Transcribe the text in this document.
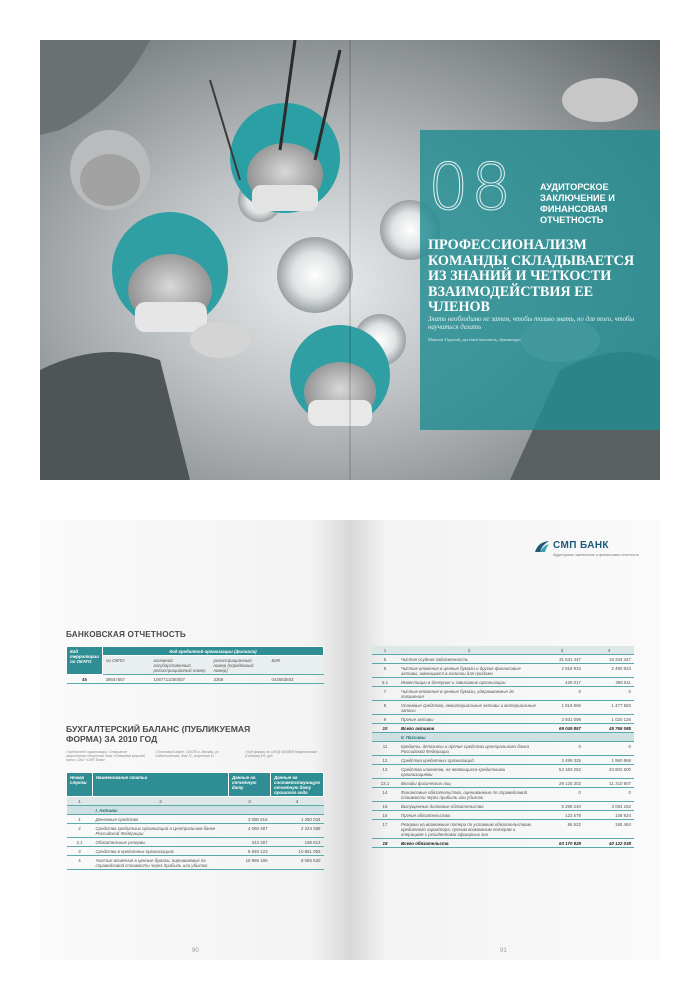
08	АУДИТОРСКОЕ ЗАКЛЮЧЕНИЕ И ФИНАНСОВАЯ ОТЧЕТНОСТЬ
ПРОФЕССИОНАЛИЗМ КОМАНДЫ СКЛАДЫВАЕТСЯ ИЗ ЗНАНИЙ И ЧЕТКОСТИ ВЗАИМОДЕЙСТВИЯ ЕЕ ЧЛЕНОВ
Знать необходимо не затем, чтобы только знать, но для того, чтобы научиться делать
Максим Горький, русский писатель, драматург
БАНКОВСКАЯ ОТЧЕТНОСТЬ
Код территории по ОКАТО	Код кредитной организации (филиала)			
	по ОКПО	основной государственный регистрационный номер	регистрационный номер (порядковый номер)	БИК
45	38657657	1097711000007	3368	044583503
БУХГАЛТЕРСКИЙ БАЛАНС (ПУБЛИКУЕМАЯ ФОРМА) ЗА 2010 ГОД
• Кредитной организации: Открытое акционерное общество банк «Северный морской путь» ОАО «СМП Банк»
• Почтовый адрес: 115035 г. Москва, ул. Садовническая, дом 71, строение 11
• Код формы по ОКУД 0409806 Квартальная (Годовая) Ед. руб.
Номер строки	Наименование статьи	Данные на отчетную дату	Данные на соответствующую отчетную дату прошлого года
1	2	3	4
	I. Активы		
1	Денежные средства	3 080 616	1 280 034
2	Средства кредитных организаций в Центральном банке Российской Федерации	4 050 487	2 224 399
2.1	Обязательные резервы	343 287	198 813
3	Средства в кредитных организациях	6 849 123	10 851 053
4	Чистые вложения в ценные бумаги, оцениваемые по справедливой стоимости через прибыль или убыток	15 969 186	8 086 620
90
СМП БАНК
Аудиторское заключение и финансовая отчетность
1	2	3	4
5	Чистая ссудная задолженность	31 531 447	18 334 347
6	Чистые вложения в ценные бумаги и другие финансовые активы, имеющиеся в наличии для продажи	2 818 934	2 490 923
6.1	Инвестиции в дочерние и зависимые организации	429 017	396 811
7	Чистые вложения в ценные бумаги, удерживаемые до погашения	0	0
8	Основные средства, нематериальные активы и материальные запасы	1 818 966	1 477 583
9	Прочие активы	2 931 098	1 020 126
10	Всего активов	69 049 857	45 765 085
	II. Пассивы		
11	Кредиты, депозиты и прочие средства Центрального банка Российской Федерации	0	0
12	Средства кредитных организаций	3 499 325	1 960 868
13	Средства клиентов, не являющихся кредитными организациями	54 183 262	34 802 500
13.1	Вклады физических лиц	29 125 302	11 310 907
14	Финансовые обязательства, оцениваемые по справедливой стоимости через прибыль или убыток	0	0
15	Выпущенные долговые обязательства	5 298 240	3 084 262
16	Прочие обязательства	123 579	108 924
17	Резервы на возможные потери по условным обязательствам кредитного характера, прочим возможным потерям и операциям с резидентами офшорных зон	66 522	165 484
18	Всего обязательств	63 170 928	40 122 038
91
